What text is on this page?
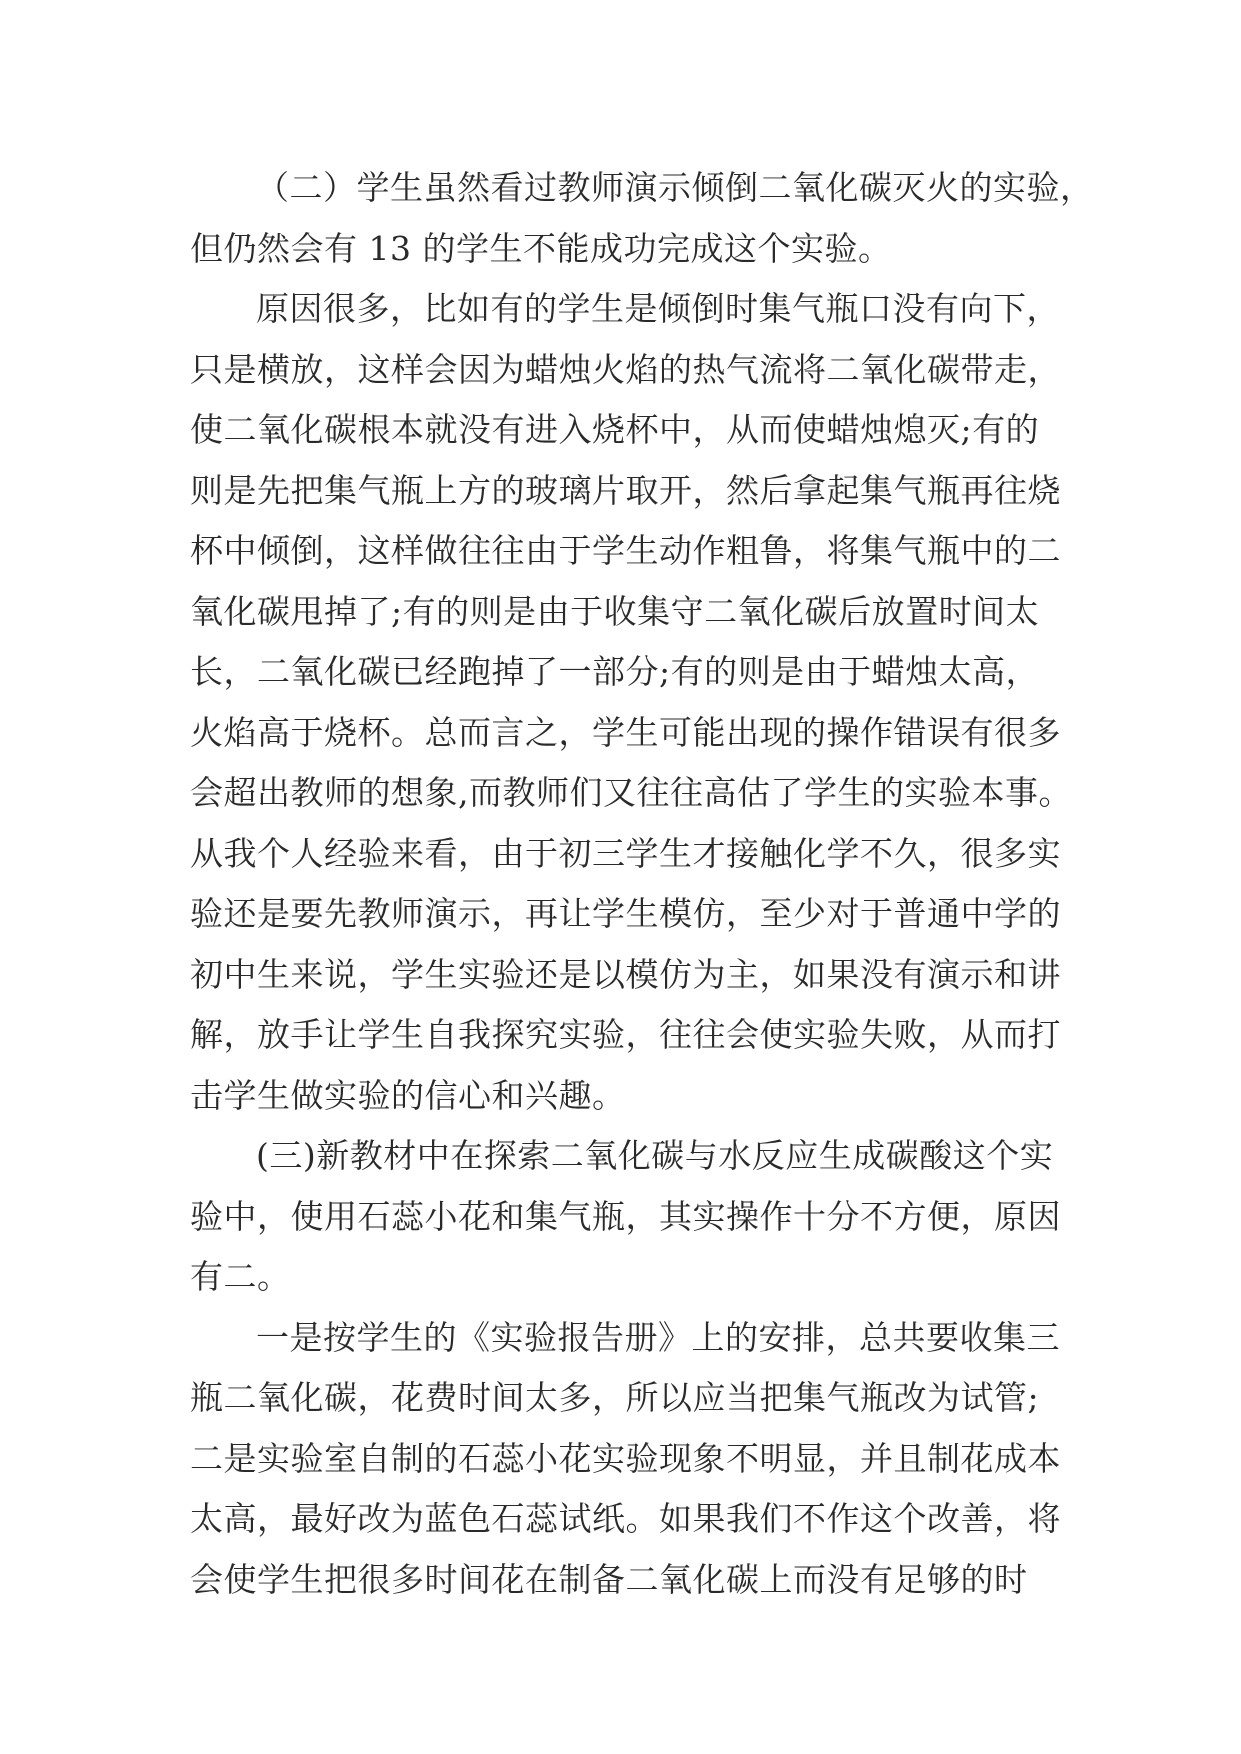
（二）学生虽然看过教师演示倾倒二氧化碳灭火的实验，
但仍然会有 13 的学生不能成功完成这个实验。
原因很多，比如有的学生是倾倒时集气瓶口没有向下，
只是横放，这样会因为蜡烛火焰的热气流将二氧化碳带走，
使二氧化碳根本就没有进入烧杯中，从而使蜡烛熄灭;有的
则是先把集气瓶上方的玻璃片取开，然后拿起集气瓶再往烧
杯中倾倒，这样做往往由于学生动作粗鲁，将集气瓶中的二
氧化碳甩掉了;有的则是由于收集守二氧化碳后放置时间太
长，二氧化碳已经跑掉了一部分;有的则是由于蜡烛太高，
火焰高于烧杯。总而言之，学生可能出现的操作错误有很多
会超出教师的想象,而教师们又往往高估了学生的实验本事。
从我个人经验来看，由于初三学生才接触化学不久，很多实
验还是要先教师演示，再让学生模仿，至少对于普通中学的
初中生来说，学生实验还是以模仿为主，如果没有演示和讲
解，放手让学生自我探究实验，往往会使实验失败，从而打
击学生做实验的信心和兴趣。
(三)新教材中在探索二氧化碳与水反应生成碳酸这个实
验中，使用石蕊小花和集气瓶，其实操作十分不方便，原因
有二。
一是按学生的《实验报告册》上的安排，总共要收集三
瓶二氧化碳，花费时间太多，所以应当把集气瓶改为试管;
二是实验室自制的石蕊小花实验现象不明显，并且制花成本
太高，最好改为蓝色石蕊试纸。如果我们不作这个改善，将
会使学生把很多时间花在制备二氧化碳上而没有足够的时
